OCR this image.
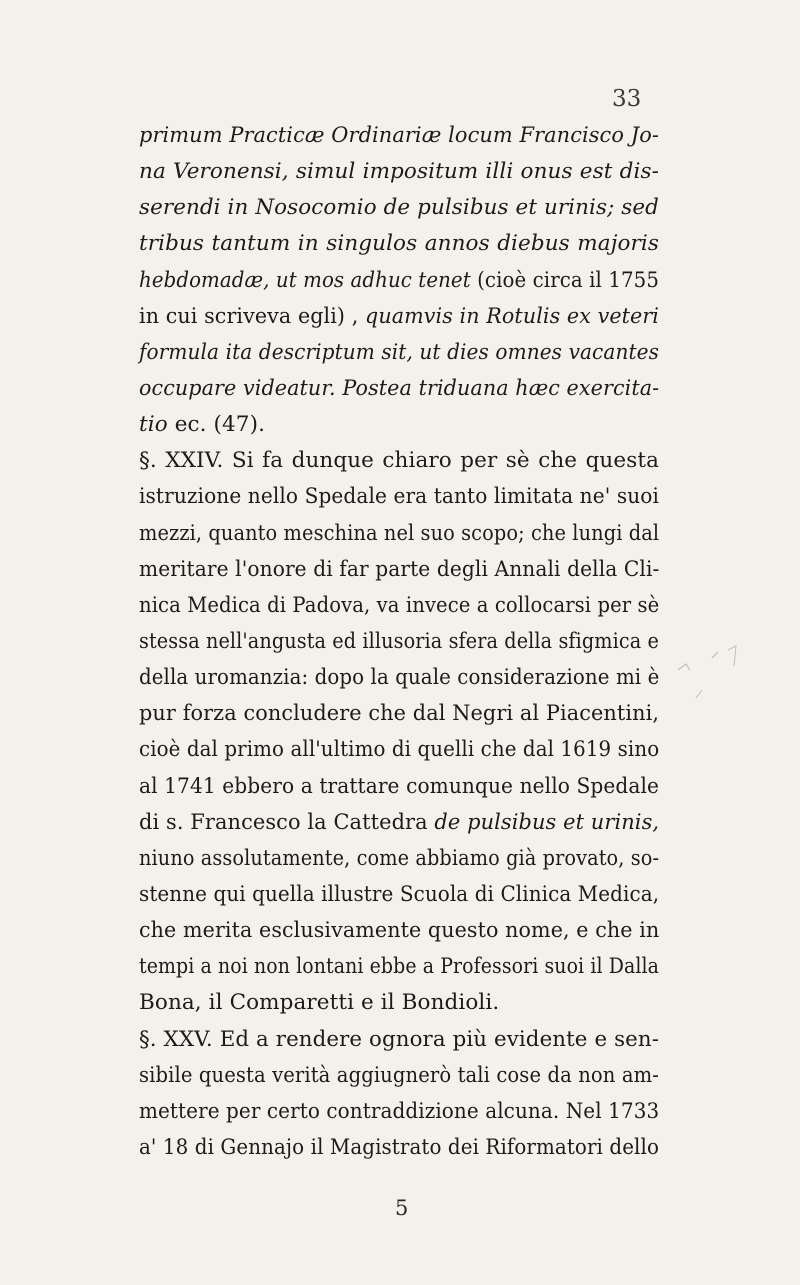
33
primum Practicæ Ordinariæ locum Francisco Jo-
na Veronensi, simul impositum illi onus est dis-
serendi in Nosocomio de pulsibus et urinis; sed
tribus tantum in singulos annos diebus majoris
hebdomadæ, ut mos adhuc tenet (cioè circa il 1755
in cui scriveva egli) , quamvis in Rotulis ex veteri
formula ita descriptum sit, ut dies omnes vacantes
occupare videatur. Postea triduana hæc exercita-
tio ec. (47).
§. XXIV. Si fa dunque chiaro per sè che questa
istruzione nello Spedale era tanto limitata ne' suoi
mezzi, quanto meschina nel suo scopo; che lungi dal
meritare l'onore di far parte degli Annali della Cli-
nica Medica di Padova, va invece a collocarsi per sè
stessa nell'angusta ed illusoria sfera della sfigmica e
della uromanzia: dopo la quale considerazione mi è
pur forza concludere che dal Negri al Piacentini,
cioè dal primo all'ultimo di quelli che dal 1619 sino
al 1741 ebbero a trattare comunque nello Spedale
di s. Francesco la Cattedra de pulsibus et urinis,
niuno assolutamente, come abbiamo già provato, so-
stenne qui quella illustre Scuola di Clinica Medica,
che merita esclusivamente questo nome, e che in
tempi a noi non lontani ebbe a Professori suoi il Dalla
Bona, il Comparetti e il Bondioli.
§. XXV. Ed a rendere ognora più evidente e sen-
sibile questa verità aggiugnerò tali cose da non am-
mettere per certo contraddizione alcuna. Nel 1733
a' 18 di Gennajo il Magistrato dei Riformatori dello
5
